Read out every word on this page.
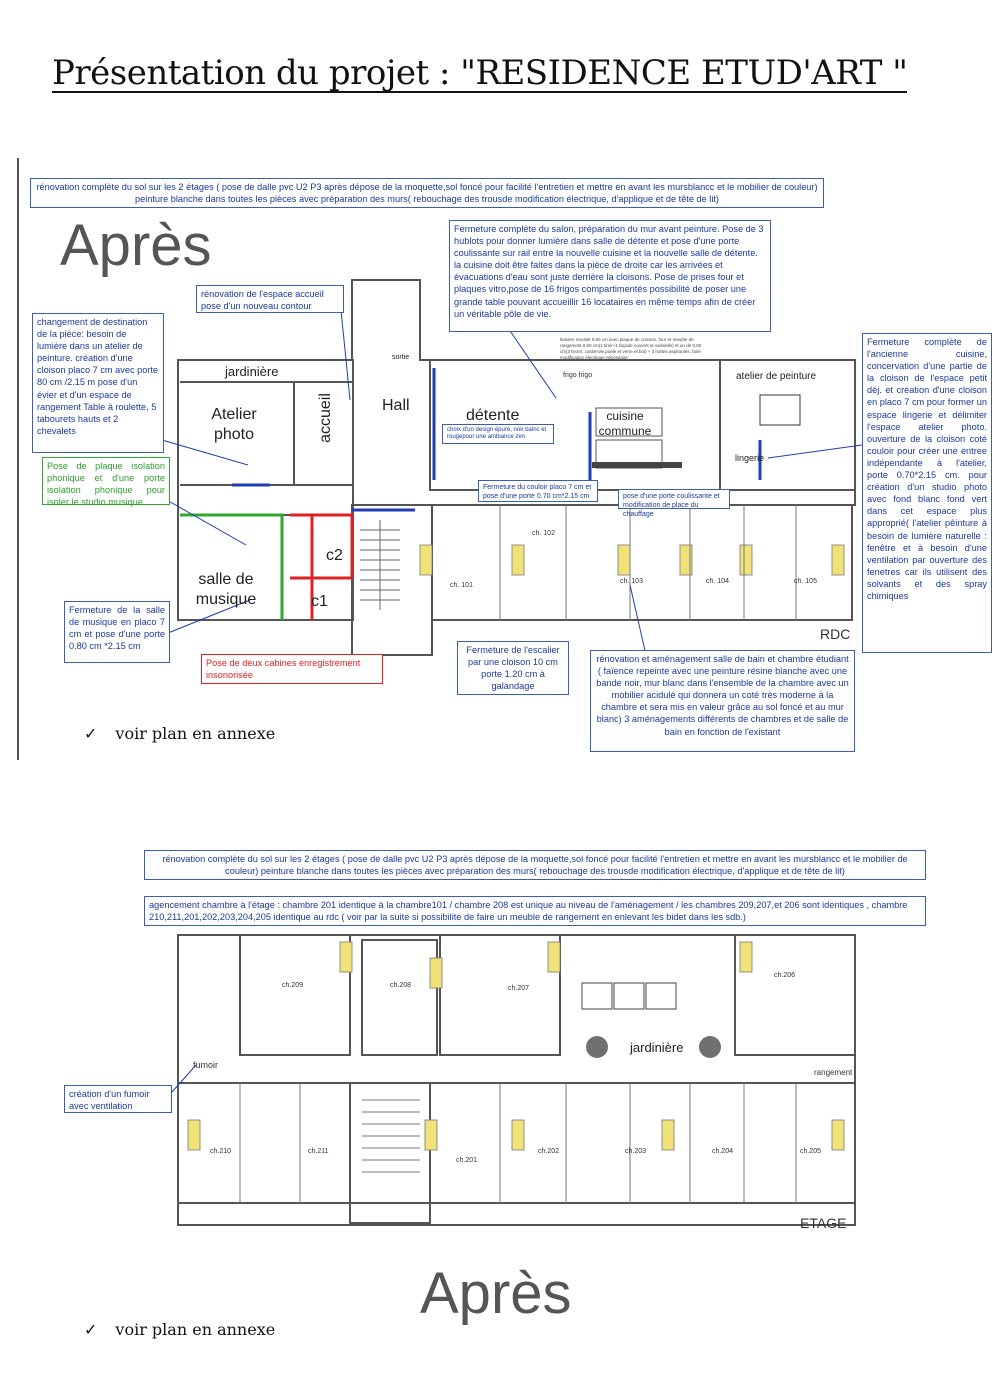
Présentation du projet : "RESIDENCE ETUD'ART "
rénovation complète du sol sur les 2 étages ( pose de dalle pvc U2 P3 après dépose de la moquette,sol foncé pour facilité l'entretien et mettre en avant les mursblancc et le mobilier de couleur) peinture blanche dans toutes les pièces avec préparation des murs( rebouchage des trousde modification électrique, d'applique et de tête de lit)
Après
jardinière
sortie
Atelier photo	accueil	Hall
détente	cuisine commune
atelier de peinture
lingerie
salle de musique
c2
c1
frigo frigo
ch. 101
ch. 102
ch. 103	ch. 104	ch. 105
RDC
rénovation de l'espace accueil pose d'un nouveau contour
Fermeture complète du salon, préparation du mur avant peinture. Pose de 3 hublots pour donner lumière dans salle de détente et pose d'une porte coulissante sur rail entre la nouvelle cuisine et la nouvelle salle de détente. la cuisine doit être faites dans la pièce de droite car les arrivées et évacuations d'eau sont juste derrière la cloisons. Pose de prises four et plaques vitro,pose de 16 frigos compartimentés possibilité de poser une grande table pouvant accueillir 16 locataires en même temps afin de créer un véritable pôle de vie.
linéaire meublé 0.60 cm avec plaque de cuisson, four et meuble de rangement 0.60 cm(1 tiroir+1 façade couvert et vaisselle) et un de 0.80 cm(3 tiroirs: casserole,poele et verre et bol) + 3 hottes aspirantes. faire modification électrique nécessaire
choix d'un design épuré, noir balnc et rougepour une ambiance zen
changement de destination de la pièce: besoin de lumière dans un atelier de peinture. création d'une cloison placo 7 cm avec porte 80 cm /2.15 m pose d'un évier et d'un espace de rangement Table à roulette, 5 tabourets hauts et 2 chevalets
Pose de plaque isolation phonique et d'une porte isolation phonique pour isoler le studio musique
Fermeture de la salle de musique en placo 7 cm et pose d'une porte 0.80 cm *2.15 cm
Pose de deux cabines enregistrement insonorisée
Fermeture du couloir placo 7 cm et pose d'une porte 0.70 cm*2.15 cm	pose d'une porte coulissante et modification de place du chauffage
Fermeture de l'escalier par une cloison 10 cm porte 1.20 cm à galandage
rénovation et aménagement salle de bain et chambre étudiant ( faïence repeinte avec une peinture résine blanche avec une bande noir, mur blanc dans l'ensemble de la chambre avec un mobilier acidulé qui donnera un coté très moderne à la chambre et sera mis en valeur grâce au sol foncé et au mur blanc) 3 aménagements différents de chambres et de salle de bain en fonction de l'existant
Fermeture complète de l'ancienne cuisine, concervation d'une partie de la cloison de l'espace petit déj. et création d'une cloison en placo 7 cm pour former un espace lingerie et délimiter l'espace atelier photo. ouverture de la cloison coté couloir pour créer une entree indépendante à l'atelier, porte 0.70*2.15 cm. pour création d'un studio photo avec fond blanc fond vert dans cet espace plus approprié( l'atelier pêinture à besoin de lumière naturelle : fenêtre et à besoin d'une ventilation par ouverture des fenetres car ils utilisent des solvants et des spray chimiques
✓ voir plan en annexe
rénovation complète du sol sur les 2 étages ( pose de dalle pvc U2 P3 après dépose de la moquette,sol foncé pour facilité l'entretien et mettre en avant les mursblancc et le mobilier de couleur) peinture blanche dans toutes les pièces avec préparation des murs( rebouchage des trousde modification électrique, d'applique et de tête de lit)
agencement chambre à l'étage : chambre 201 identique à la chambre101 / chambre 208 est unique au niveau de l'aménagement / les chambres 209,207,et 206 sont identiques , chambre 210,211,201,202,203,204,205 identique au rdc ( voir par la suite si possibilite de faire un meuble de rangement en enlevant les bidet dans les sdb.)
fumoir
rangement
jardinière
ch.209	ch.208	ch.207
ch.206
ch.210	ch.211
ch.201
ch.202	ch.203	ch.204	ch.205
création d'un fumoir avec ventilation
ETAGE
Après
✓ voir plan en annexe
